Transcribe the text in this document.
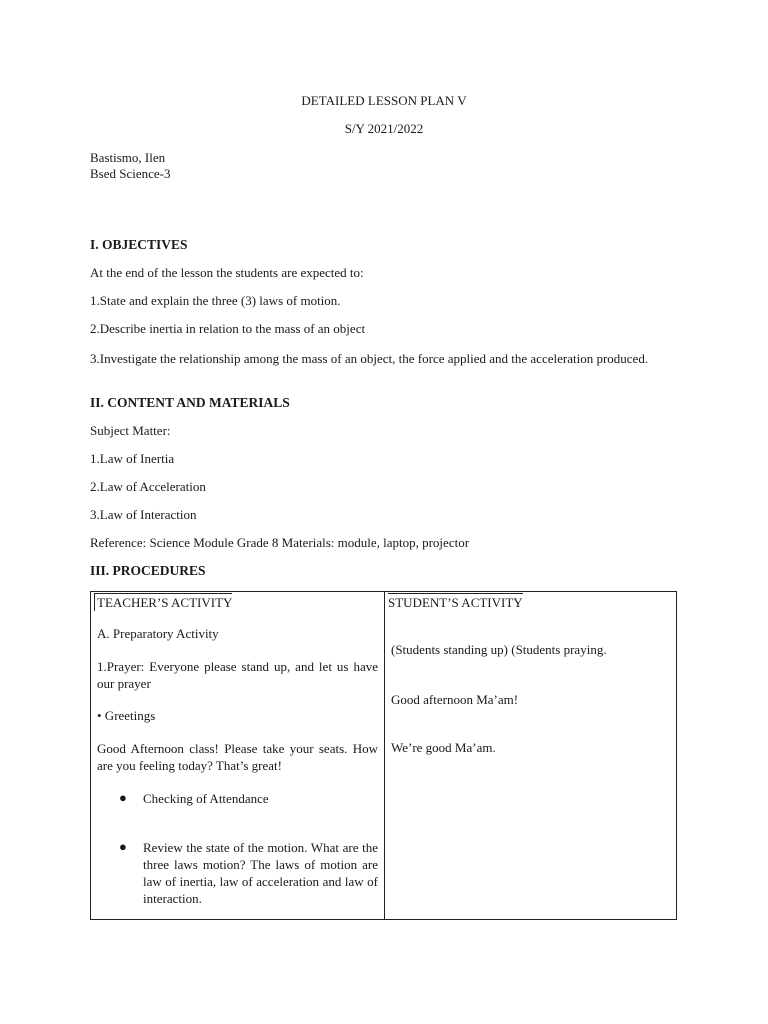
DETAILED LESSON PLAN V
S/Y 2021/2022
Bastismo, Ilen
Bsed Science-3
I. OBJECTIVES
At the end of the lesson the students are expected to:
1.State and explain the three (3) laws of motion.
2.Describe inertia in relation to the mass of an object
3.Investigate the relationship among the mass of an object, the force applied and the acceleration produced.
II. CONTENT AND MATERIALS
Subject Matter:
1.Law of Inertia
2.Law of Acceleration
3.Law of Interaction
Reference: Science Module Grade 8 Materials: module, laptop, projector
III. PROCEDURES
TEACHER’S ACTIVITY
A. Preparatory Activity
1.Prayer: Everyone please stand up, and let us have our prayer
• Greetings
Good Afternoon class! Please take your seats. How are you feeling today? That’s great!
● Checking of Attendance
● Review the state of the motion. What are the three laws motion? The laws of motion are law of inertia, law of acceleration and law of interaction.
STUDENT’S ACTIVITY
(Students standing up) (Students praying.
Good afternoon Ma’am!
We’re good Ma’am.
